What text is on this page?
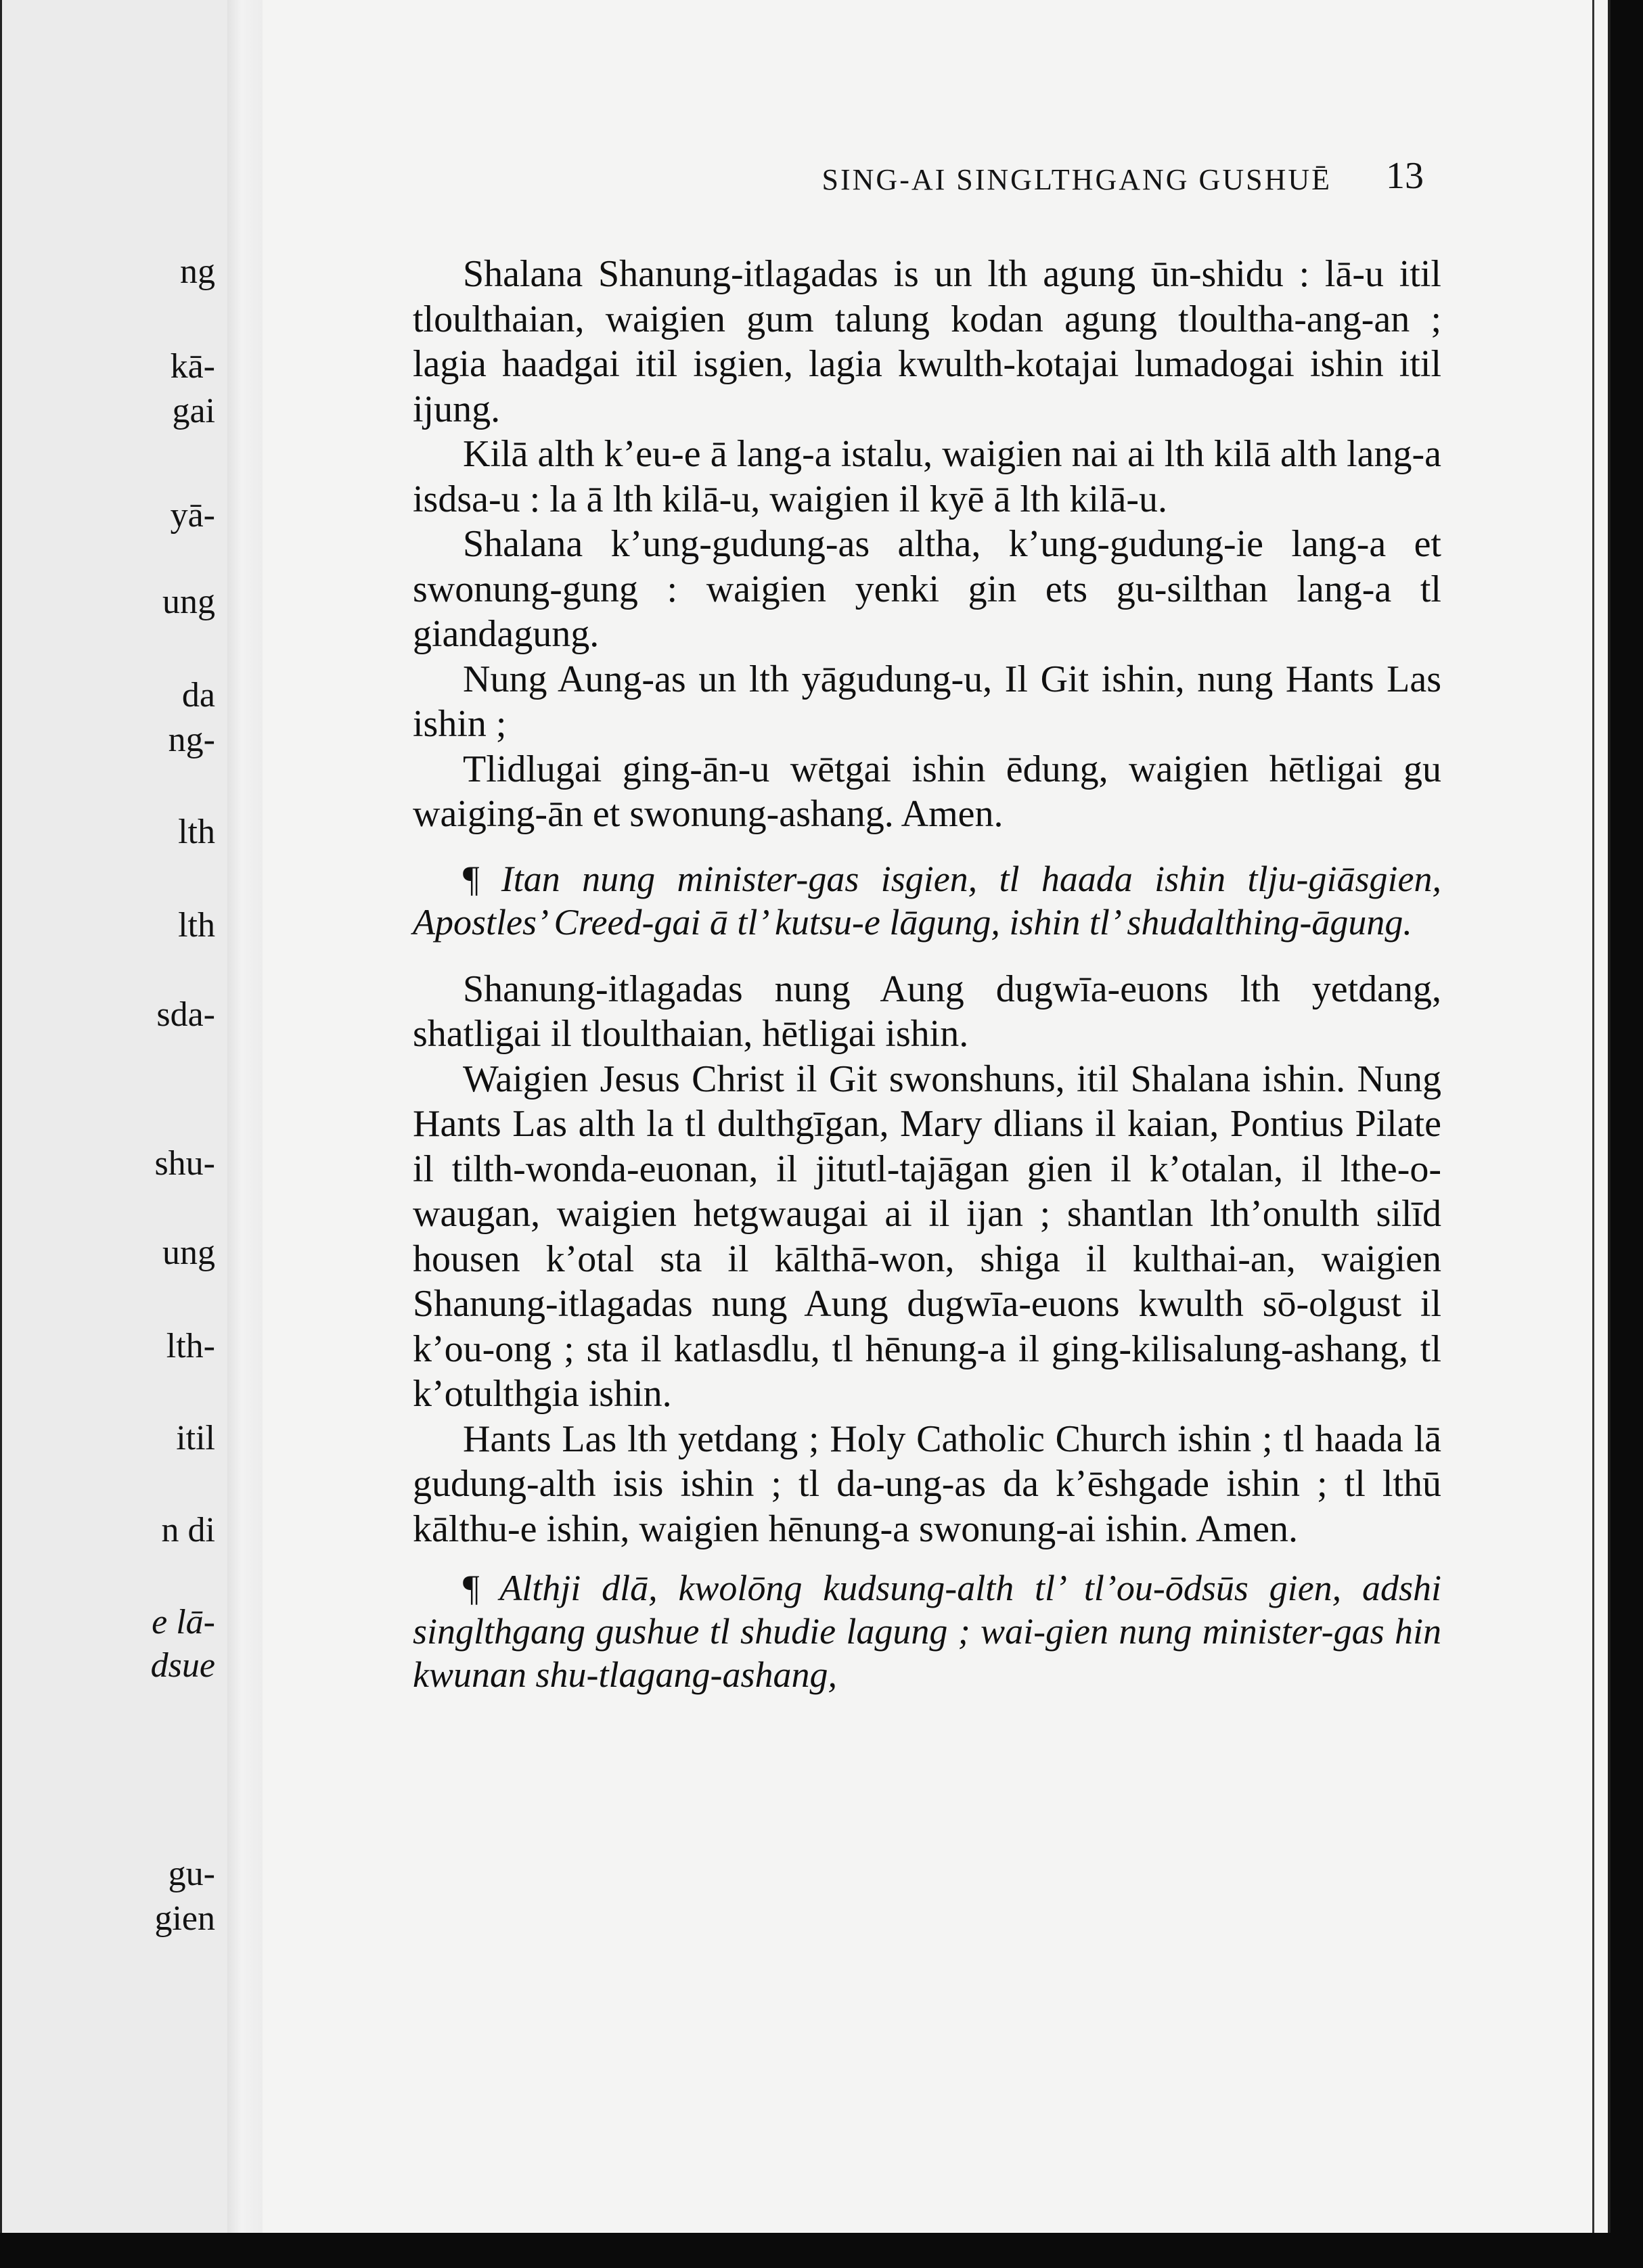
ng
kā-
gai
yā-
ung
da
ng-
lth
lth
sda-
shu-
ung
lth-
itil
n di
e lā-
dsue
gu-
gien
SING-AI SINGLTHGANG GUSHUĒ 13

Shalana Shanung-itlagadas is un lth agung ūn-shidu : lā-u itil tloulthaian, waigien gum talung kodan agung tloultha-ang-an ; lagia haadgai itil isgien, lagia kwulth-kotajai lumadogai ishin itil ijung.

Kilā alth k’eu-e ā lang-a istalu, waigien nai ai lth kilā alth lang-a isdsa-u : la ā lth kilā-u, waigien il kyē ā lth kilā-u.

Shalana k’ung-gudung-as altha, k’ung-gudung-ie lang-a et swonung-gung : waigien yenki gin ets gu-silthan lang-a tl giandagung.

Nung Aung-as un lth yāgudung-u, Il Git ishin, nung Hants Las ishin ;

Tlidlugai ging-ān-u wētgai ishin ēdung, waigien hētligai gu waiging-ān et swonung-ashang. Amen.

¶ Itan nung minister-gas isgien, tl haada ishin tlju-giāsgien, Apostles’ Creed-gai ā tl’ kutsu-e lāgung, ishin tl’ shudalthing-āgung.

Shanung-itlagadas nung Aung dugwīa-euons lth yetdang, shatligai il tloulthaian, hētligai ishin.

Waigien Jesus Christ il Git swonshuns, itil Shalana ishin. Nung Hants Las alth la tl dulthgīgan, Mary dlians il kaian, Pontius Pilate il tilth-wonda-euonan, il jitutl-tajāgan gien il k’otalan, il lthe-o-waugan, waigien hetgwaugai ai il ijan ; shantlan lth’onulth silīd housen k’otal sta il kālthā-won, shiga il kulthai-an, waigien Shanung-itlagadas nung Aung dugwīa-euons kwulth sō-olgust il k’ou-ong ; sta il katlasdlu, tl hēnung-a il ging-kilisalung-ashang, tl k’otulthgia ishin.

Hants Las lth yetdang ; Holy Catholic Church ishin ; tl haada lā gudung-alth isis ishin ; tl da-ung-as da k’ēshgade ishin ; tl lthū kālthu-e ishin, waigien hēnung-a swonung-ai ishin. Amen.

¶ Althji dlā, kwolōng kudsung-alth tl’ tl’ou-ōdsūs gien, adshi singlthgang gushue tl shudie lagung ; wai-gien nung minister-gas hin kwunan shu-tlagang-ashang,
